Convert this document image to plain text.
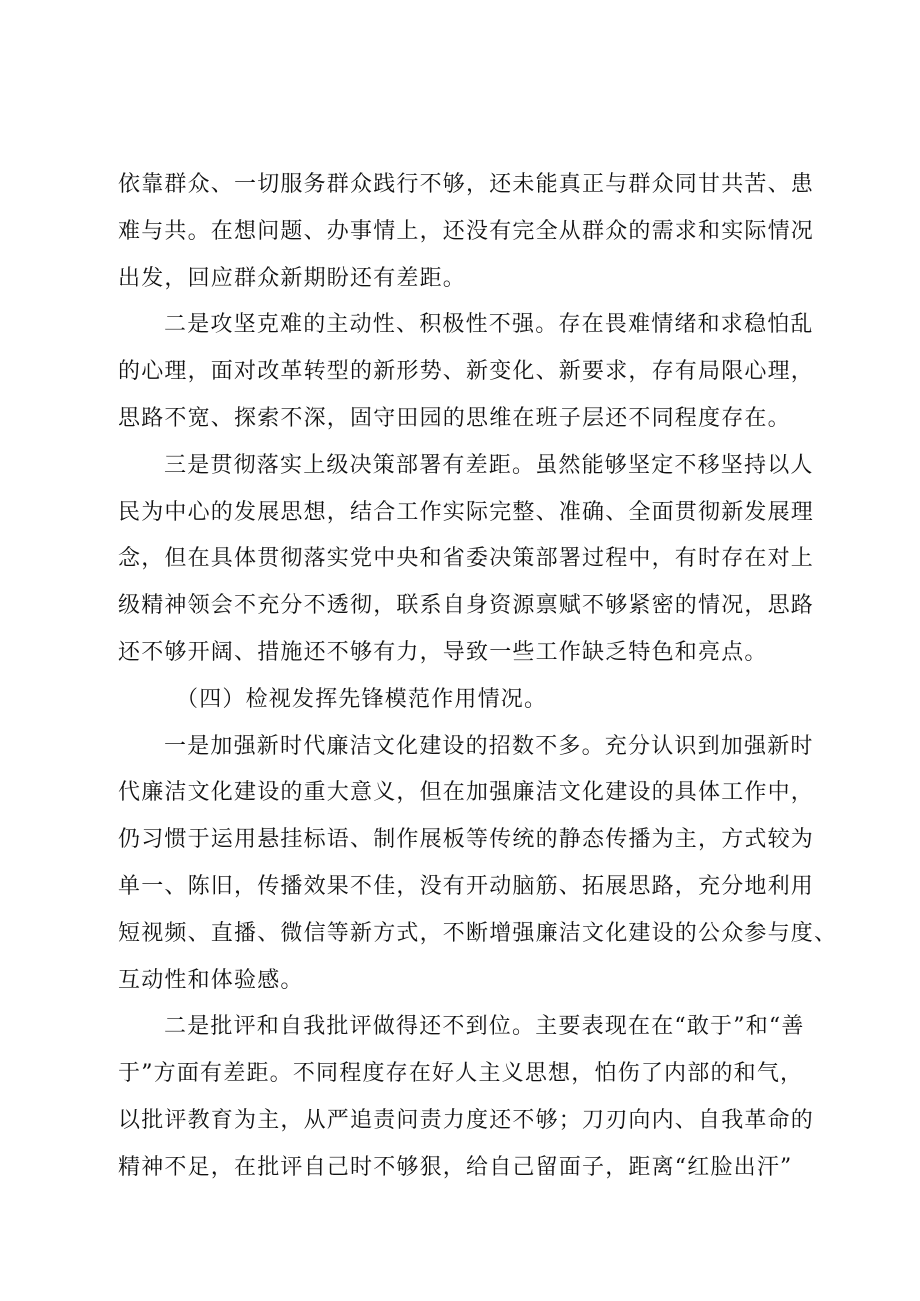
依靠群众、一切服务群众践行不够，还未能真正与群众同甘共苦、患
难与共。在想问题、办事情上，还没有完全从群众的需求和实际情况
出发，回应群众新期盼还有差距。
二是攻坚克难的主动性、积极性不强。存在畏难情绪和求稳怕乱
的心理，面对改革转型的新形势、新变化、新要求，存有局限心理，
思路不宽、探索不深，固守田园的思维在班子层还不同程度存在。
三是贯彻落实上级决策部署有差距。虽然能够坚定不移坚持以人
民为中心的发展思想，结合工作实际完整、准确、全面贯彻新发展理
念，但在具体贯彻落实党中央和省委决策部署过程中，有时存在对上
级精神领会不充分不透彻，联系自身资源禀赋不够紧密的情况，思路
还不够开阔、措施还不够有力，导致一些工作缺乏特色和亮点。
（四）检视发挥先锋模范作用情况。
一是加强新时代廉洁文化建设的招数不多。充分认识到加强新时
代廉洁文化建设的重大意义，但在加强廉洁文化建设的具体工作中，
仍习惯于运用悬挂标语、制作展板等传统的静态传播为主，方式较为
单一、陈旧，传播效果不佳，没有开动脑筋、拓展思路，充分地利用
短视频、直播、微信等新方式，不断增强廉洁文化建设的公众参与度、
互动性和体验感。
二是批评和自我批评做得还不到位。主要表现在在“敢于”和“善
于”方面有差距。不同程度存在好人主义思想，怕伤了内部的和气，
以批评教育为主，从严追责问责力度还不够；刀刃向内、自我革命的
精神不足，在批评自己时不够狠，给自己留面子，距离“红脸出汗”
